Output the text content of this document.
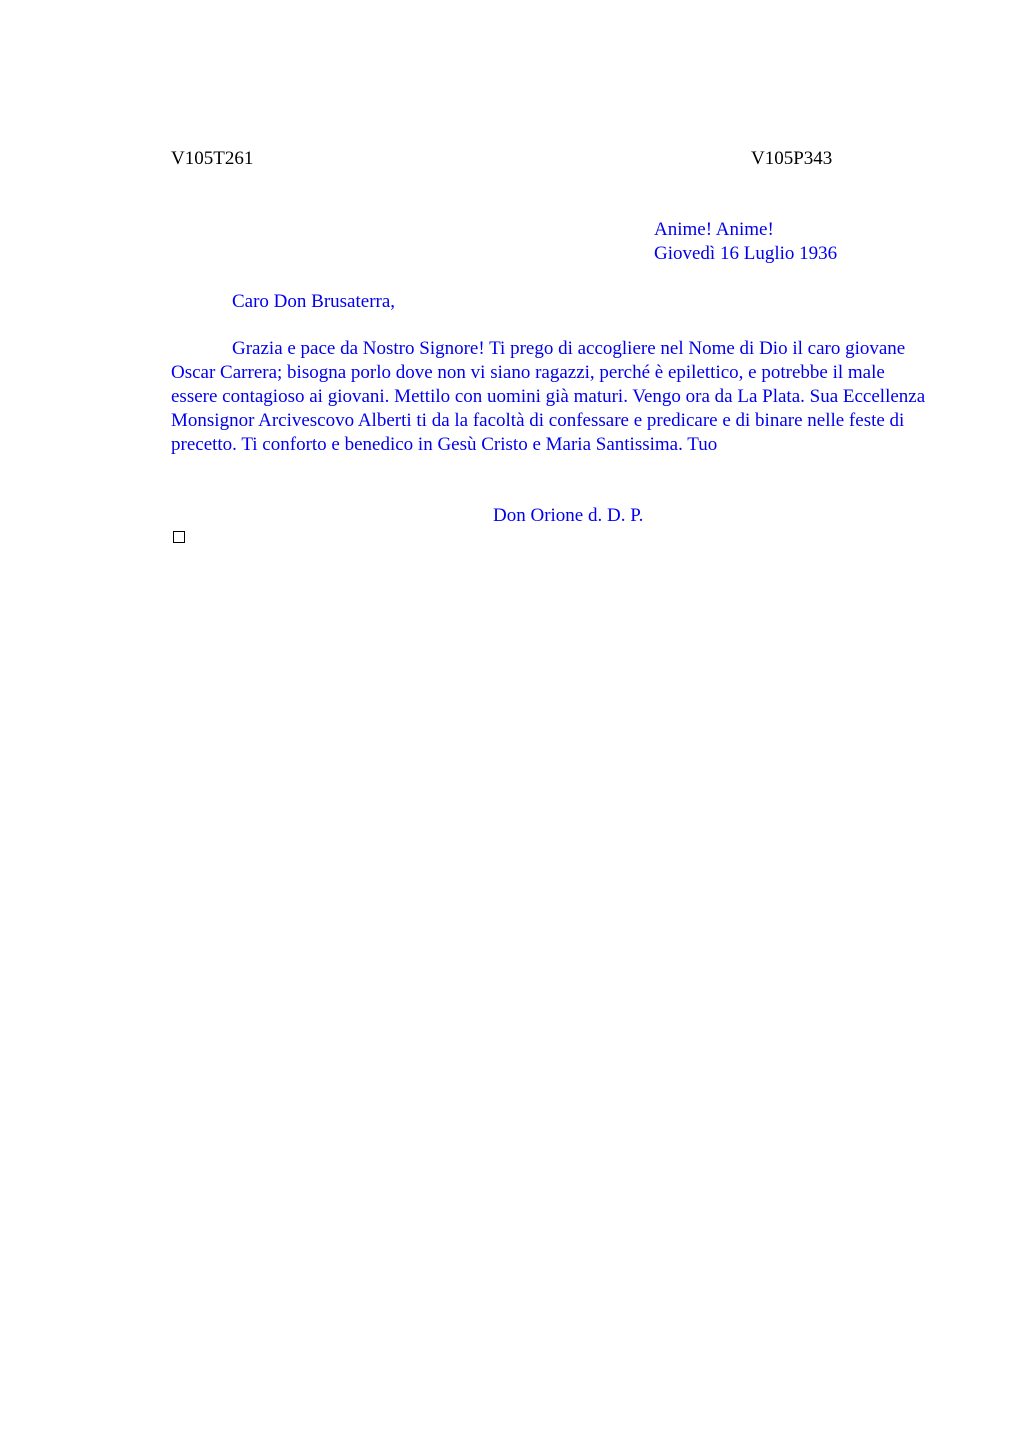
V105T261	V105P343
Anime! Anime!
Giovedì 16 Luglio 1936
Caro Don Brusaterra,
Grazia e pace da Nostro Signore! Ti prego di accogliere nel Nome di Dio il caro giovane Oscar Carrera; bisogna porlo dove non vi siano ragazzi, perché è epilettico, e potrebbe il male essere contagioso ai giovani. Mettilo con uomini già maturi. Vengo ora da La Plata. Sua Eccellenza Monsignor Arcivescovo Alberti ti da la facoltà di confessare e predicare e di binare nelle feste di precetto. Ti conforto e benedico in Gesù Cristo e Maria Santissima. Tuo
Don Orione d. D. P.
